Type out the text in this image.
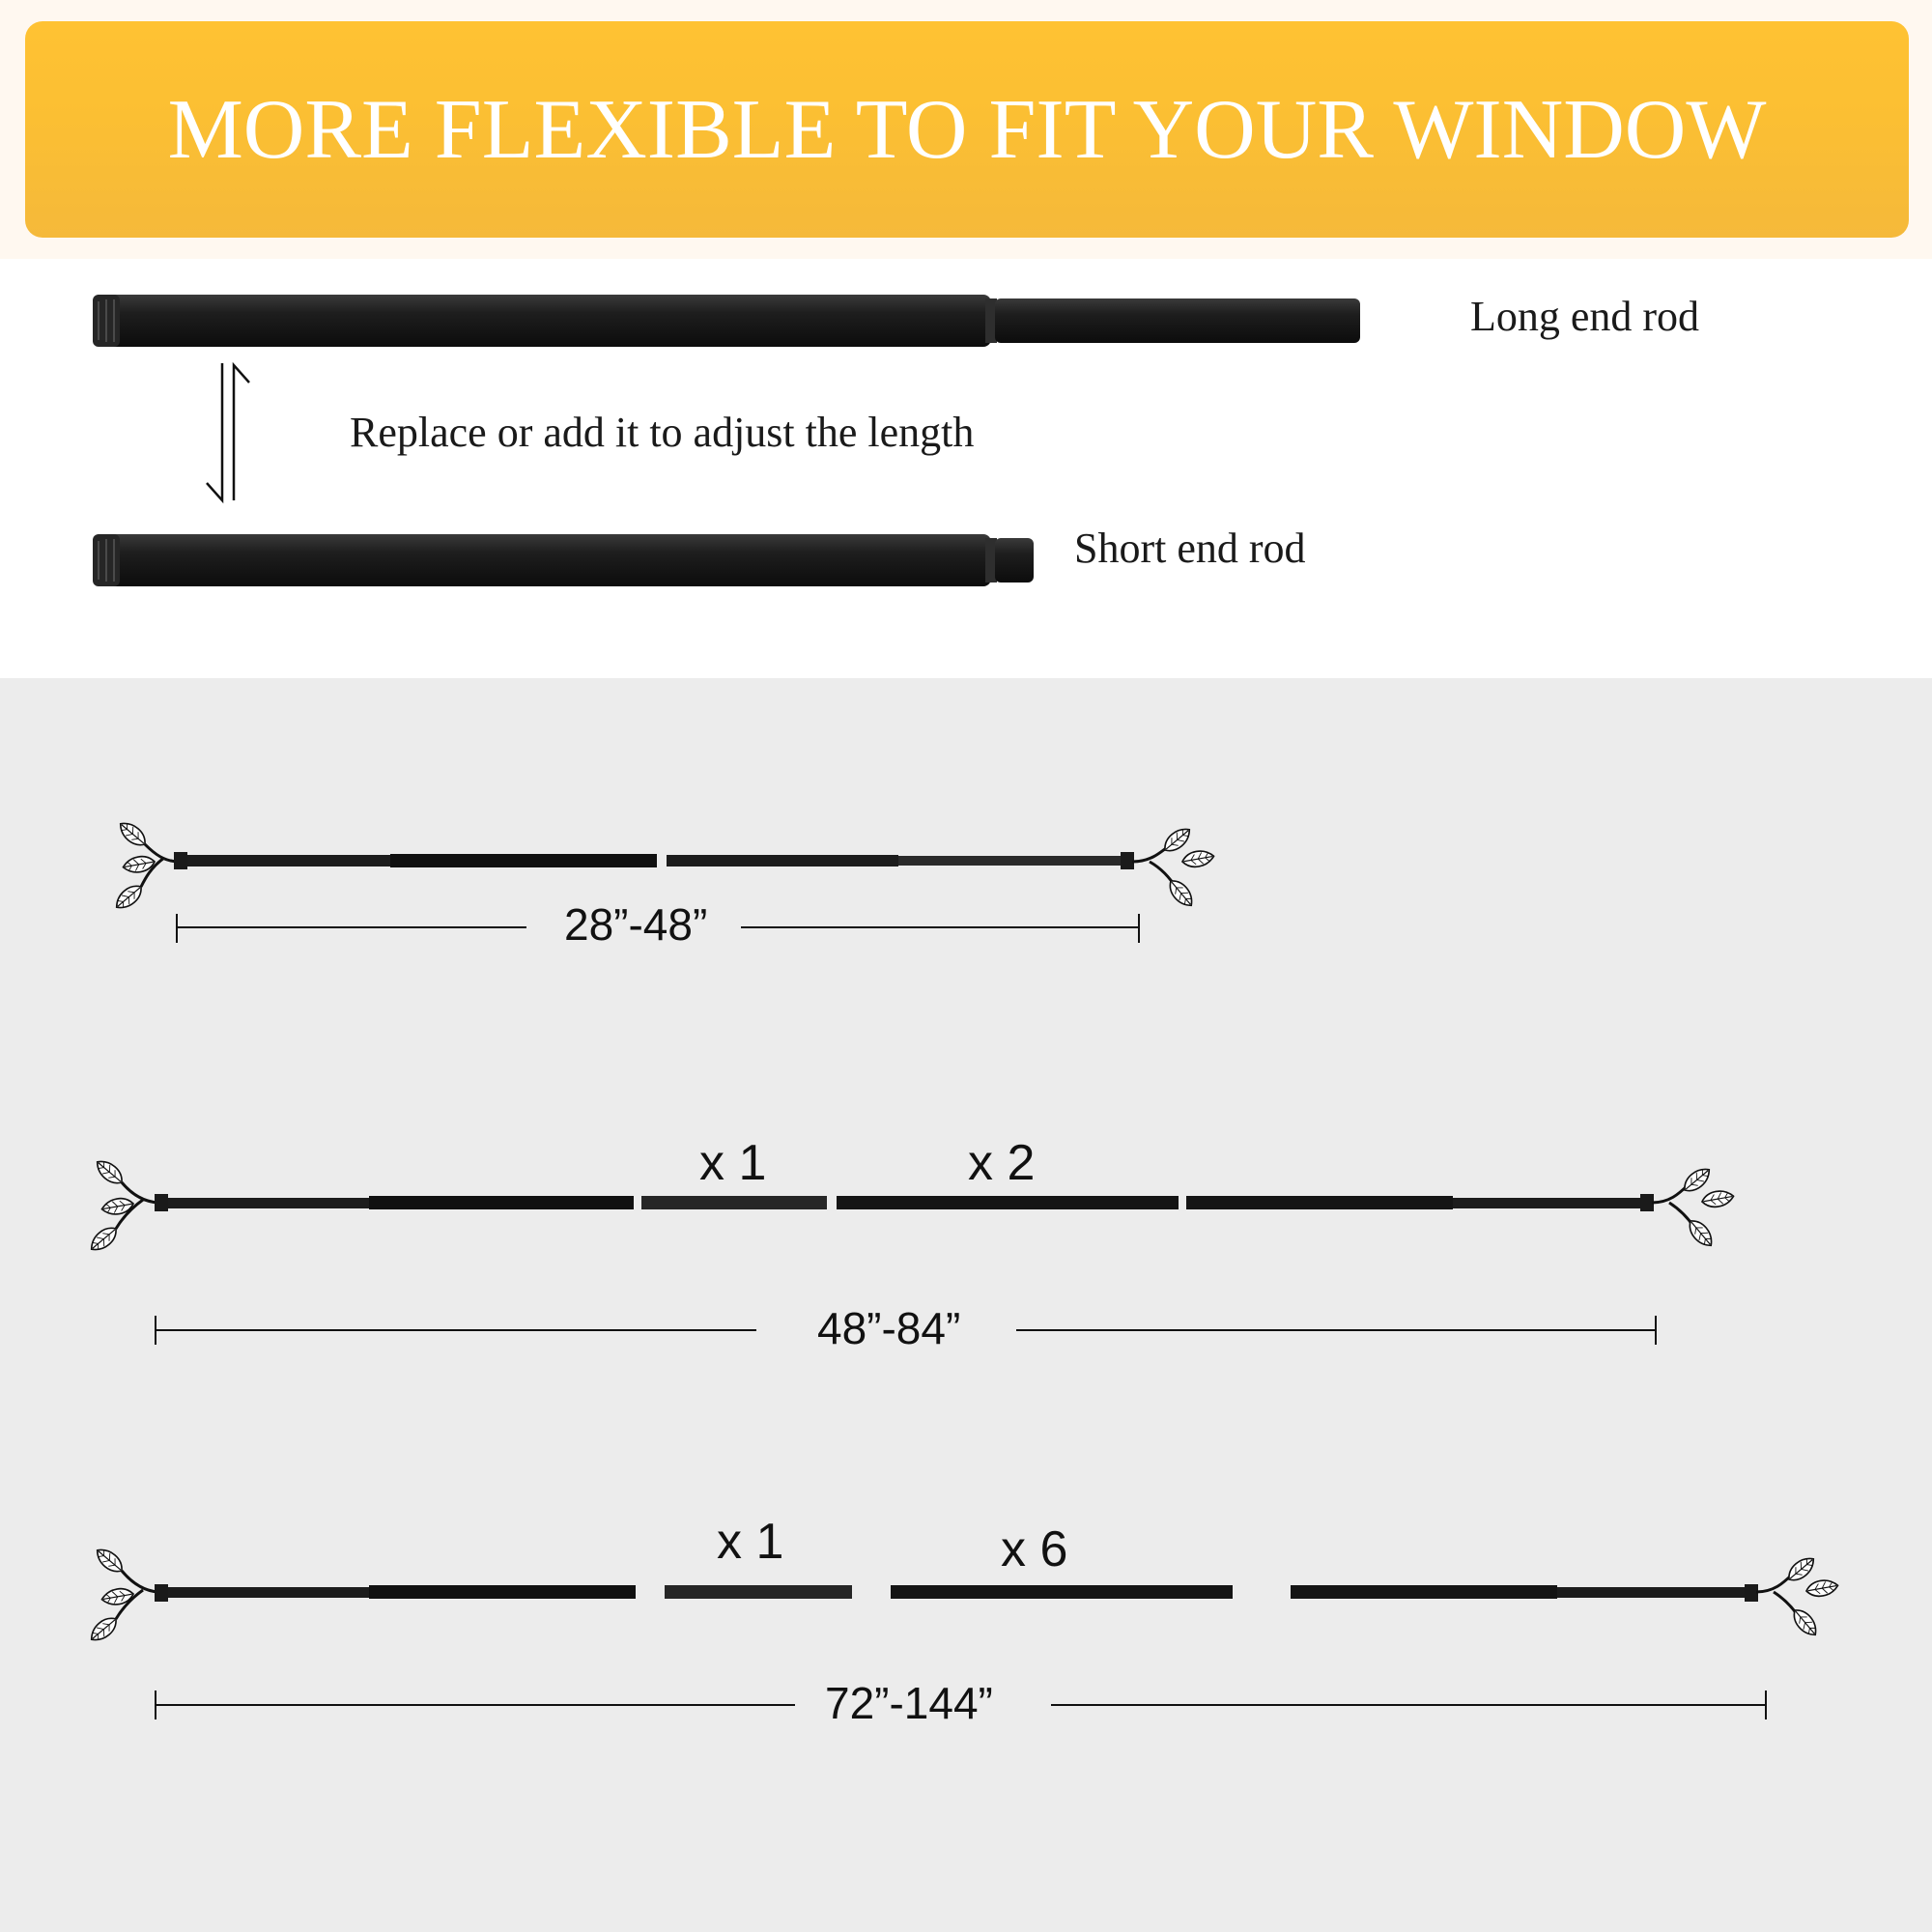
MORE FLEXIBLE TO FIT YOUR WINDOW
Long end rod
Replace or add it to adjust the length
Short end rod
28”-48”
x 1	x 2
48”-84”
x 1	x 6
72”-144”
